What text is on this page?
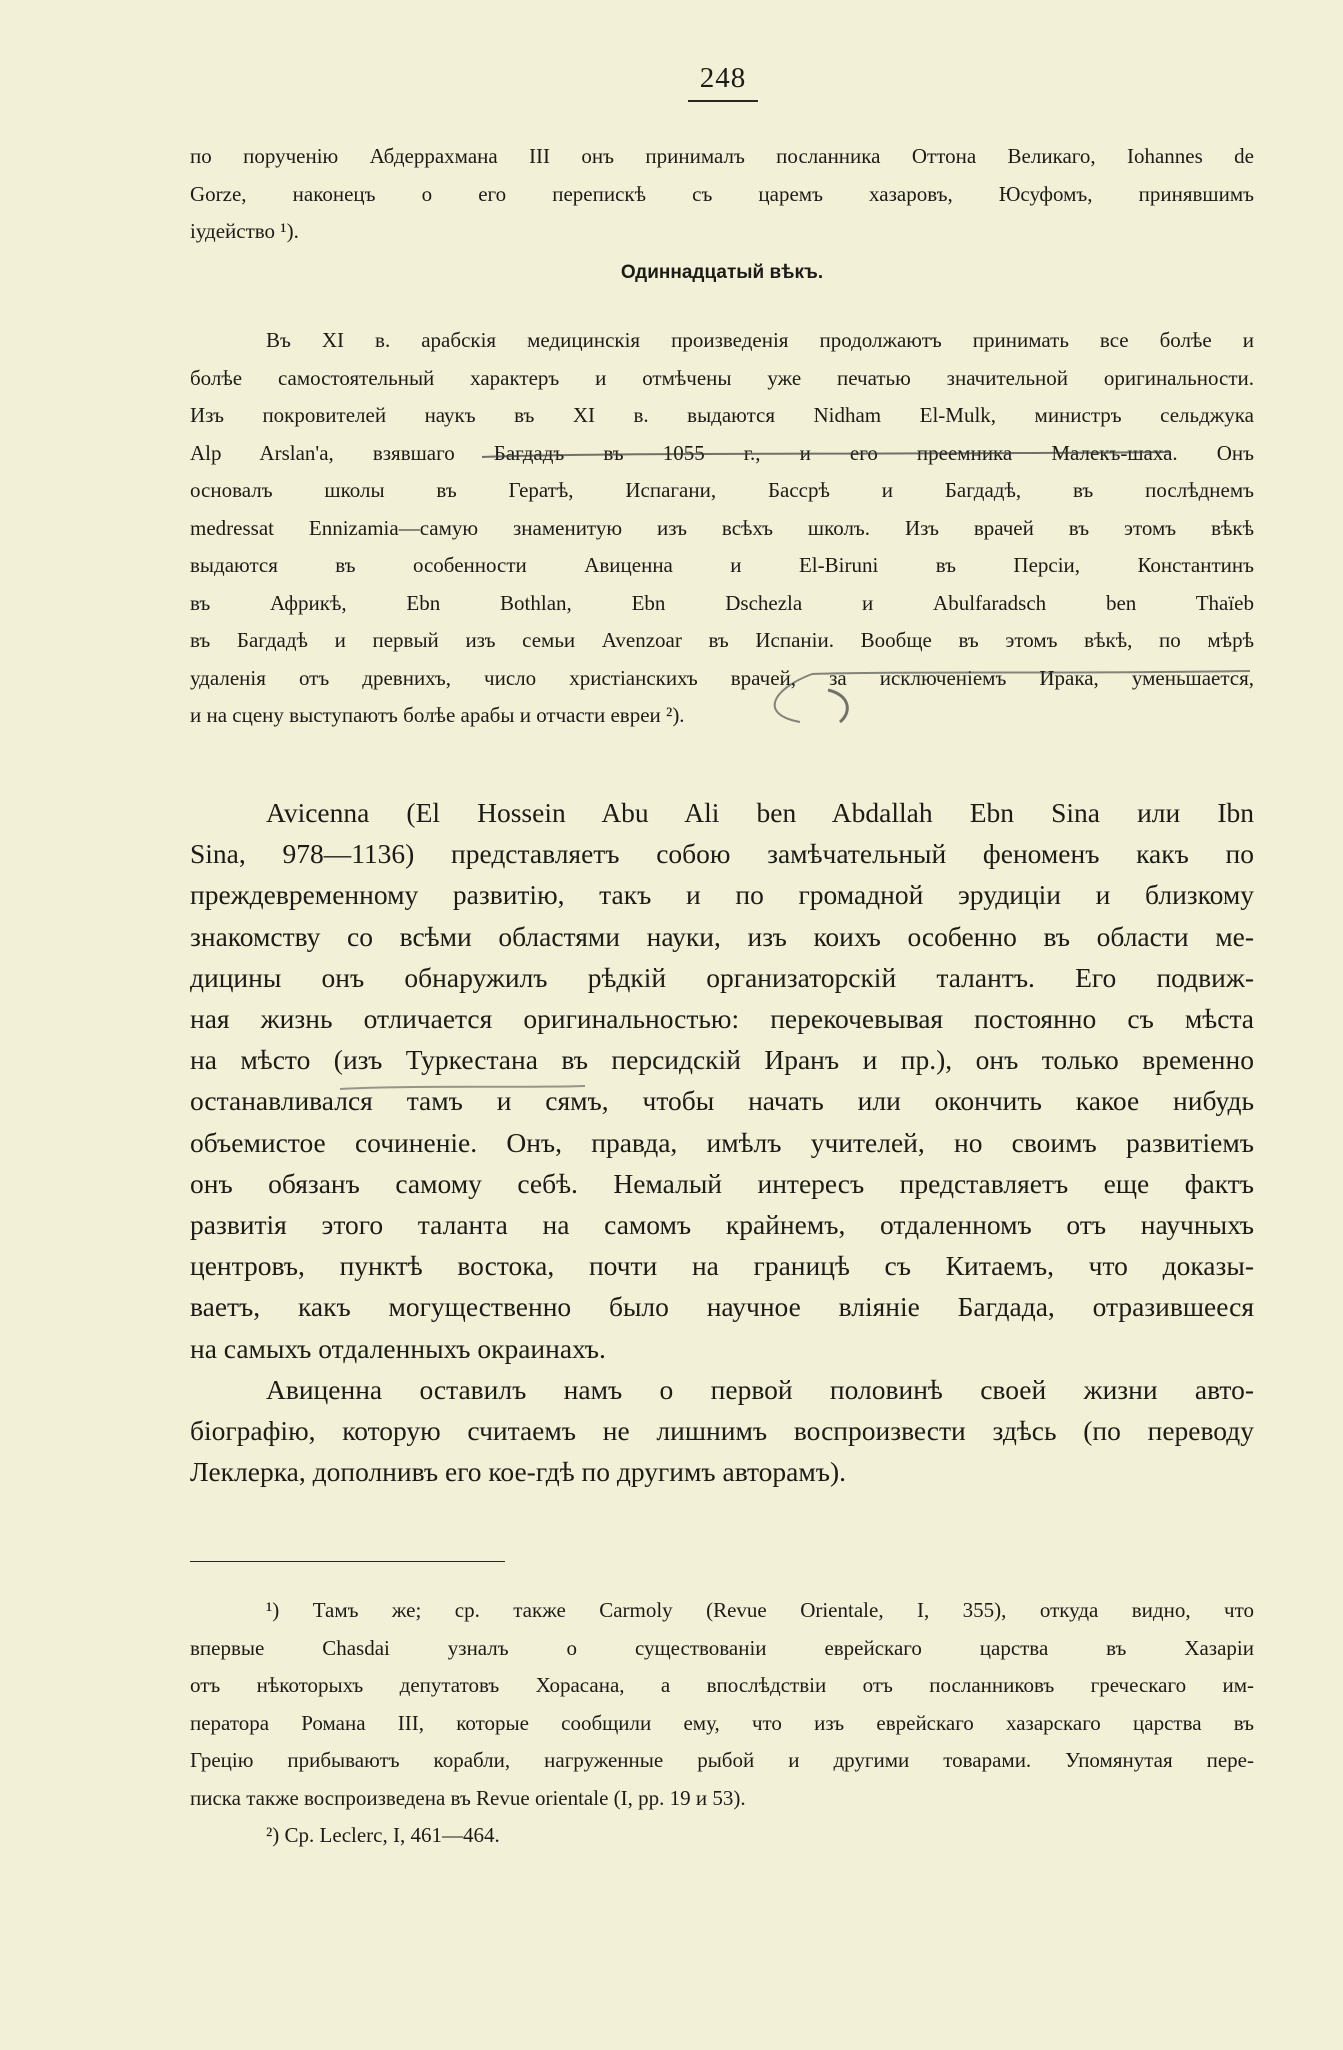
248
по порученію Абдеррахмана III онъ принималъ посланника Оттона Великаго, Iohannes de
Gorze, наконецъ о его перепискѣ съ царемъ хазаровъ, Юсуфомъ, принявшимъ
іудейство ¹).
Одиннадцатый вѣкъ.
Въ XI в. арабскія медицинскія произведенія продолжаютъ принимать все болѣе и
болѣе самостоятельный характеръ и отмѣчены уже печатью значительной оригинальности.
Изъ покровителей наукъ въ XI в. выдаются Nidham El-Mulk, министръ сельджука
Alp Arslan'a, взявшаго Багдадъ въ 1055 г., и его преемника Малекъ-шаха. Онъ
основалъ школы въ Гератѣ, Испагани, Бассрѣ и Багдадѣ, въ послѣднемъ
medressat Ennizamia—самую знаменитую изъ всѣхъ школъ. Изъ врачей въ этомъ вѣкѣ
выдаются въ особенности Авиценна и El-Biruni въ Персіи, Константинъ
въ Африкѣ, Ebn Bothlan, Ebn Dschezla и Abulfaradsch ben Thaïeb
въ Багдадѣ и первый изъ семьи Avenzoar въ Испаніи. Вообще въ этомъ вѣкѣ, по мѣрѣ
удаленія отъ древнихъ, число христіанскихъ врачей, за исключеніемъ Ирака, уменьшается,
и на сцену выступаютъ болѣе арабы и отчасти евреи ²).
Avicenna (El Hossein Abu Ali ben Abdallah Ebn Sina или Ibn
Sina, 978—1136) представляетъ собою замѣчательный феноменъ какъ по
преждевременному развитію, такъ и по громадной эрудиціи и близкому
знакомству со всѣми областями науки, изъ коихъ особенно въ области ме-
дицины онъ обнаружилъ рѣдкій организаторскій талантъ. Его подвиж-
ная жизнь отличается оригинальностью: перекочевывая постоянно съ мѣста
на мѣсто (изъ Туркестана въ персидскій Иранъ и пр.), онъ только временно
останавливался тамъ и сямъ, чтобы начать или окончить какое нибудь
объемистое сочиненіе. Онъ, правда, имѣлъ учителей, но своимъ развитіемъ
онъ обязанъ самому себѣ. Немалый интересъ представляетъ еще фактъ
развитія этого таланта на самомъ крайнемъ, отдаленномъ отъ научныхъ
центровъ, пунктѣ востока, почти на границѣ съ Китаемъ, что доказы-
ваетъ, какъ могущественно было научное вліяніе Багдада, отразившееся
на самыхъ отдаленныхъ окраинахъ.
Авиценна оставилъ намъ о первой половинѣ своей жизни авто-
біографію, которую считаемъ не лишнимъ воспроизвести здѣсь (по переводу
Леклерка, дополнивъ его кое-гдѣ по другимъ авторамъ).
¹) Тамъ же; ср. также Carmoly (Revue Orientale, I, 355), откуда видно, что
впервые Chasdai узналъ о существованіи еврейскаго царства въ Хазаріи
отъ нѣкоторыхъ депутатовъ Хорасана, а впослѣдствіи отъ посланниковъ греческаго им-
ператора Романа III, которые сообщили ему, что изъ еврейскаго хазарскаго царства въ
Грецію прибываютъ корабли, нагруженные рыбой и другими товарами. Упомянутая пере-
писка также воспроизведена въ Revue orientale (I, pp. 19 и 53).
²) Ср. Leclerc, I, 461—464.
